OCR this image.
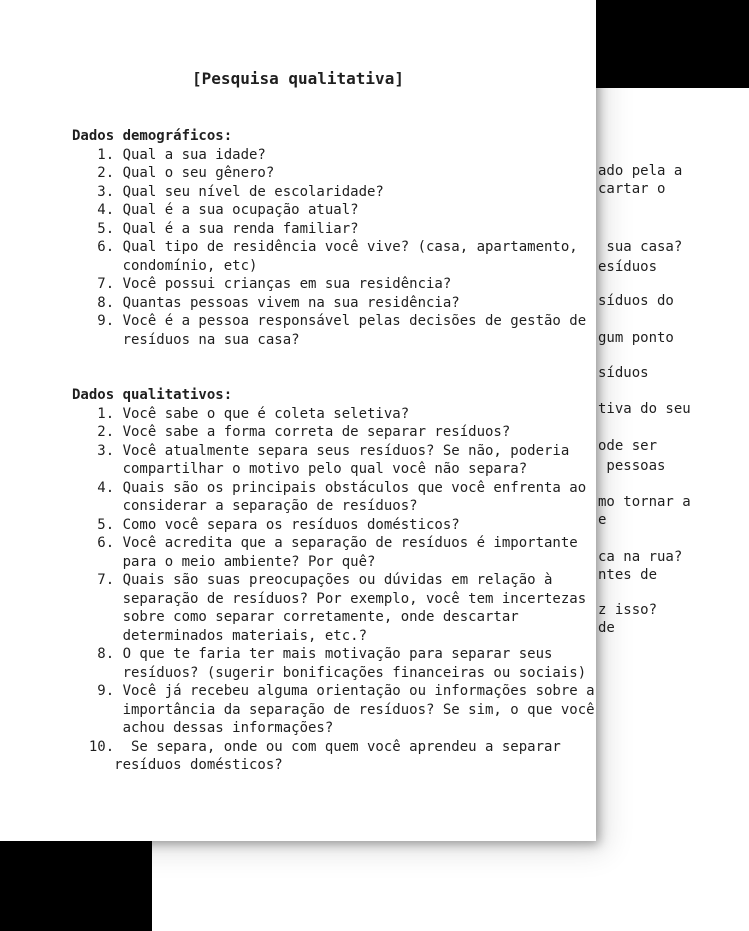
ado pela a
cartar o
sua casa?
esíduos
síduos do
gum ponto
síduos
tiva do seu
ode ser
pessoas
mo tornar a
e
ca na rua?
ntes de
z isso?
de
[Pesquisa qualitativa]
Dados demográficos:
1. Qual a sua idade?
2. Qual o seu gênero?
3. Qual seu nível de escolaridade?
4. Qual é a sua ocupação atual?
5. Qual é a sua renda familiar?
6. Qual tipo de residência você vive? (casa, apartamento,
condomínio, etc)
7. Você possui crianças em sua residência?
8. Quantas pessoas vivem na sua residência?
9. Você é a pessoa responsável pelas decisões de gestão de
resíduos na sua casa?
Dados qualitativos:
1. Você sabe o que é coleta seletiva?
2. Você sabe a forma correta de separar resíduos?
3. Você atualmente separa seus resíduos? Se não, poderia
compartilhar o motivo pelo qual você não separa?
4. Quais são os principais obstáculos que você enfrenta ao
considerar a separação de resíduos?
5. Como você separa os resíduos domésticos?
6. Você acredita que a separação de resíduos é importante
para o meio ambiente? Por quê?
7. Quais são suas preocupações ou dúvidas em relação à
separação de resíduos? Por exemplo, você tem incertezas
sobre como separar corretamente, onde descartar
determinados materiais, etc.?
8. O que te faria ter mais motivação para separar seus
resíduos? (sugerir bonificações financeiras ou sociais)
9. Você já recebeu alguma orientação ou informações sobre a
importância da separação de resíduos? Se sim, o que você
achou dessas informações?
10.  Se separa, onde ou com quem você aprendeu a separar
resíduos domésticos?
